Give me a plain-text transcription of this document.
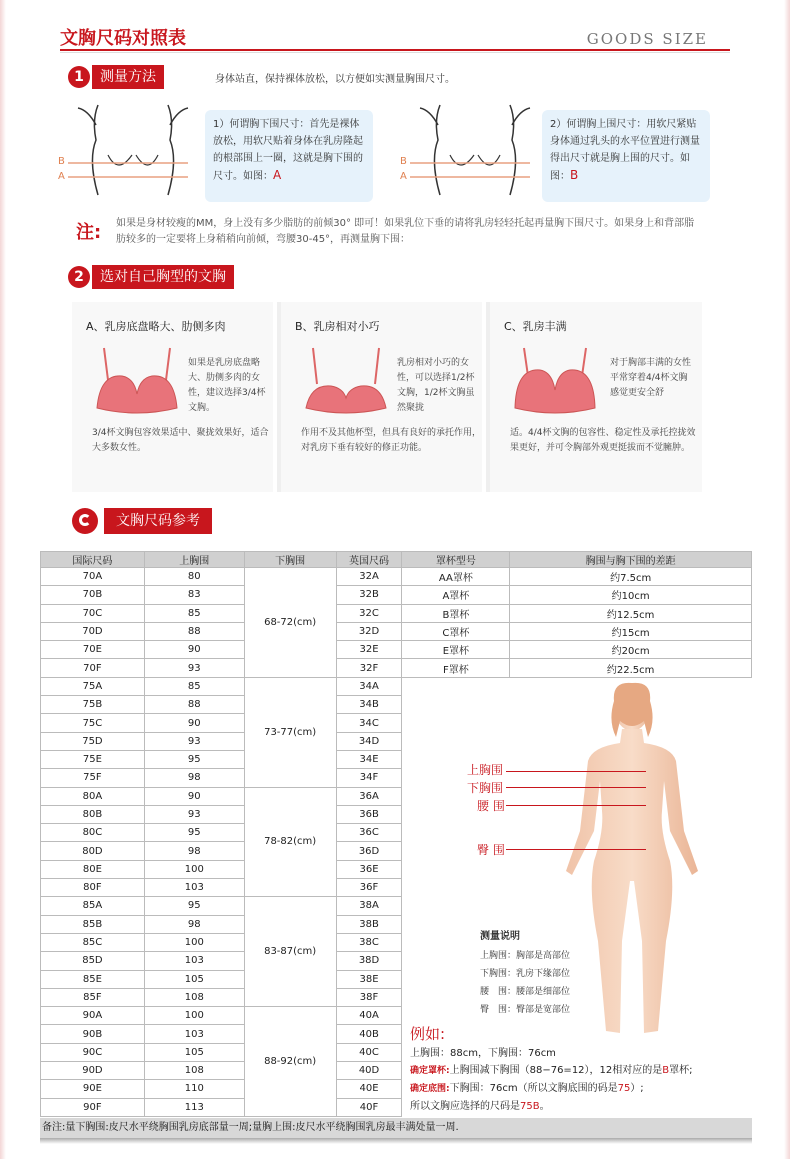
文胸尺码对照表	GOODS SIZE
1	测量方法	身体站直，保持裸体放松，以方便如实测量胸围尺寸。
B
A
1）何谓胸下围尺寸：首先是裸体放松，用软尺贴着身体在乳房隆起的根部围上一圈，这就是胸下围的尺寸。如图：A
B
A
2）何谓胸上围尺寸：用软尺紧贴身体通过乳头的水平位置进行测量得出尺寸就是胸上围的尺寸。如图：B
注: 如果是身材较瘦的MM，身上没有多少脂肪的前倾30° 即可！如果乳位下垂的请将乳房轻轻托起再量胸下围尺寸。如果身上和背部脂肪较多的一定要将上身稍稍向前倾，弯腰30-45°，再测量胸下围：
2	选对自己胸型的文胸
A、乳房底盘略大、肋侧多肉
如果是乳房底盘略大、肋侧多肉的女性，建议选择3/4杯文胸。
3/4杯文胸包容效果适中、聚拢效果好，适合大多数女性。
B、乳房相对小巧
乳房相对小巧的女性，可以选择1/2杯文胸，1/2杯文胸虽然聚拢
作用不及其他杯型，但具有良好的承托作用，对乳房下垂有较好的修正功能。
C、乳房丰满
对于胸部丰满的女性平常穿着4/4杯文胸感觉更安全舒
适。4/4杯文胸的包容性、稳定性及承托控拢效果更好，并可令胸部外观更挺拔而不觉臃肿。
文胸尺码参考
国际尺码	上胸围	下胸围	英国尺码	罩杯型号	胸围与胸下围的差距
70A	80	68-72(cm)	32A	AA罩杯	约7.5cm
70B	83		32B	A罩杯	约10cm
70C	85		32C	B罩杯	约12.5cm
70D	88		32D	C罩杯	约15cm
70E	90		32E	E罩杯	约20cm
70F	93		32F	F罩杯	约22.5cm
75A	85	73-77(cm)	34A		
75B	88		34B		
75C	90		34C		
75D	93		34D		
75E	95		34E		
75F	98		34F		
80A	90	78-82(cm)	36A		
80B	93		36B		
80C	95		36C		
80D	98		36D		
80E	100		36E		
80F	103		36F		
85A	95	83-87(cm)	38A		
85B	98		38B		
85C	100		38C		
85D	103		38D		
85E	105		38E		
85F	108		38F		
90A	100	88-92(cm)	40A		
90B	103		40B		
90C	105		40C		
90D	108		40D		
90E	110		40E		
90F	113		40F		
上胸围
下胸围
腰 围
臀 围
测量说明
上胸围：胸部是高部位
下胸围：乳房下缘部位
腰　围：腰部是细部位
臀　围：臀部是宽部位
例如:
上胸围：88cm，下胸围：76cm
确定罩杯:上胸围减下胸围（88−76=12），12相对应的是B罩杯;
确定底围:下胸围：76cm（所以文胸底围的码是75）;
所以文胸应选择的尺码是75B。
备注:量下胸围:皮尺水平绕胸围乳房底部量一周;量胸上围:皮尺水平绕胸围乳房最丰满处量一周.
